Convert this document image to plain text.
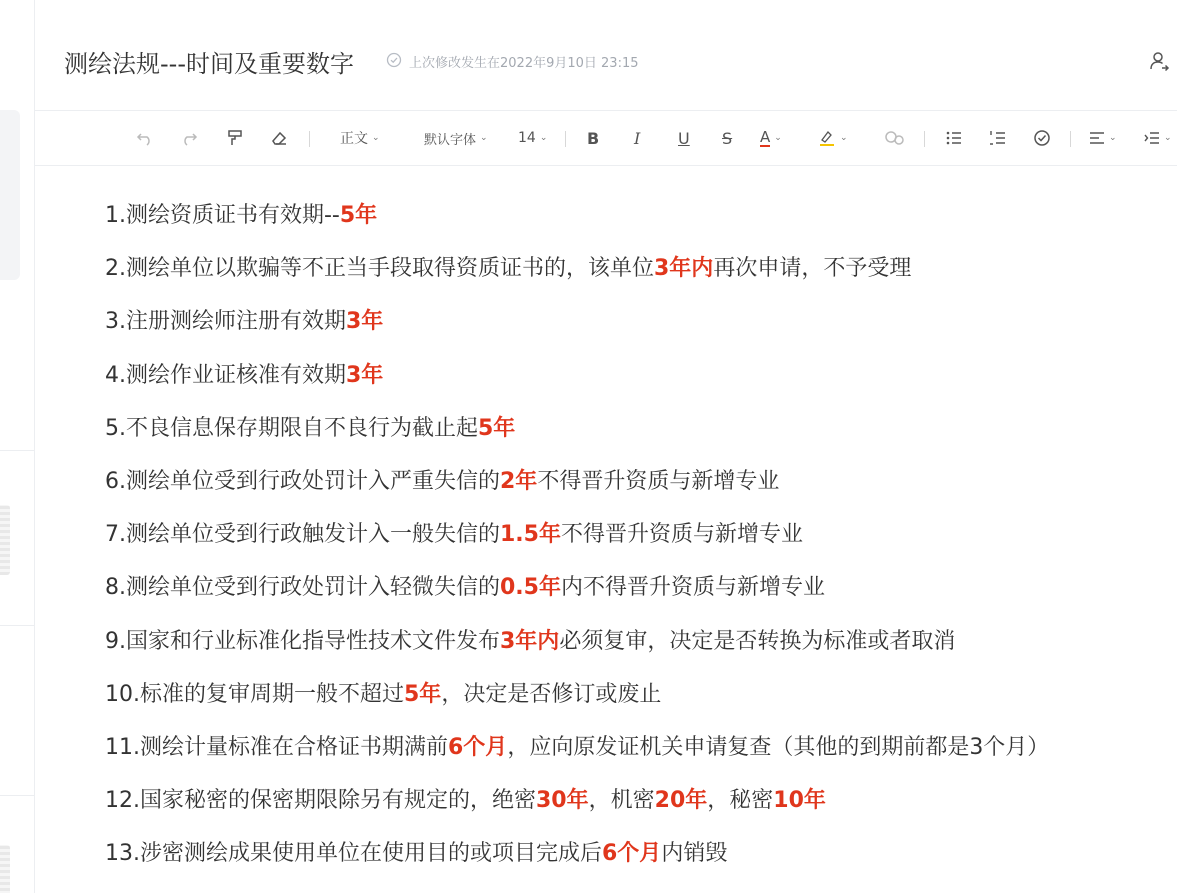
测绘法规---时间及重要数字	上次修改发生在2022年9月10日 23:15
正文 ⌄	默认字体 ⌄ 14 ⌄ B I U S A ⌄	⌄	⌄	⌄
1.测绘资质证书有效期--5年
2.测绘单位以欺骗等不正当手段取得资质证书的，该单位3年内再次申请，不予受理
3.注册测绘师注册有效期3年
4.测绘作业证核准有效期3年
5.不良信息保存期限自不良行为截止起5年
6.测绘单位受到行政处罚计入严重失信的2年不得晋升资质与新增专业
7.测绘单位受到行政触发计入一般失信的1.5年不得晋升资质与新增专业
8.测绘单位受到行政处罚计入轻微失信的0.5年内不得晋升资质与新增专业
9.国家和行业标准化指导性技术文件发布3年内必须复审，决定是否转换为标准或者取消
10.标准的复审周期一般不超过5年，决定是否修订或废止
11.测绘计量标准在合格证书期满前6个月，应向原发证机关申请复查（其他的到期前都是3个月）
12.国家秘密的保密期限除另有规定的，绝密30年，机密20年，秘密10年
13.涉密测绘成果使用单位在使用目的或项目完成后6个月内销毁
